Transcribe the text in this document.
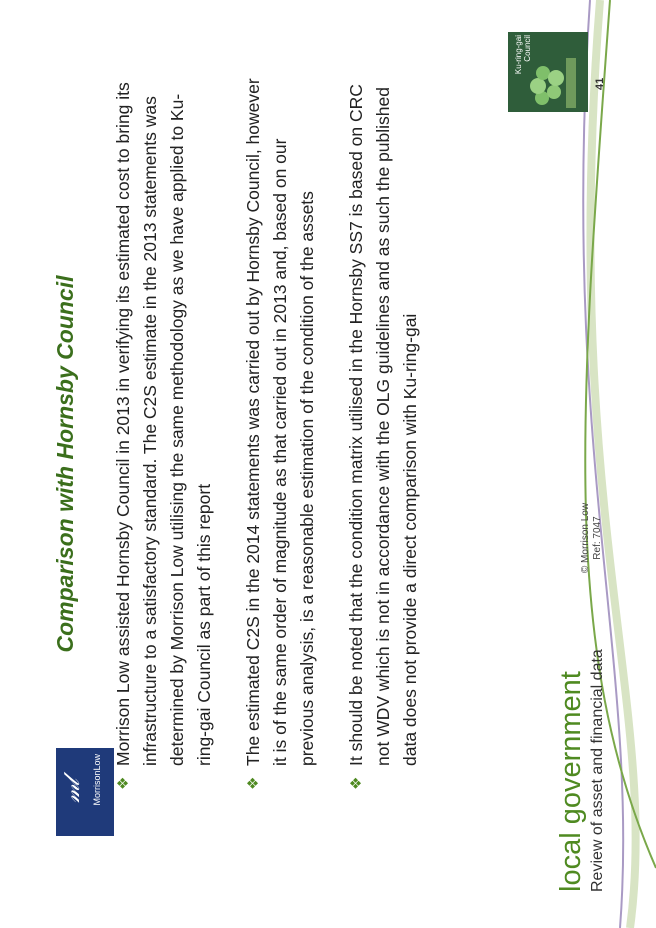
𝓂𝓁 MorrisonLow
Comparison with Hornsby Council
❖
Morrison Low assisted Hornsby Council in 2013 in verifying its estimated cost to bring its infrastructure to a satisfactory standard. The C2S estimate in the 2013 statements was determined by Morrison Low utilising the same methodology as we have applied to Ku-ring-gai Council as part of this report
❖
The estimated C2S in the 2014 statements was carried out by Hornsby Council, however it is of the same order of magnitude as that carried out in 2013 and, based on our previous analysis, is a reasonable estimation of the condition of the assets
❖
It should be noted that the condition matrix utilised in the Hornsby SS7 is based on CRC not WDV which is not in accordance with the OLG guidelines and as such the published data does not provide a direct comparison with Ku-ring-gai
local government Review of asset and financial data
© Morrison Low Ref: 7047
Ku-ring-gai Council
41
